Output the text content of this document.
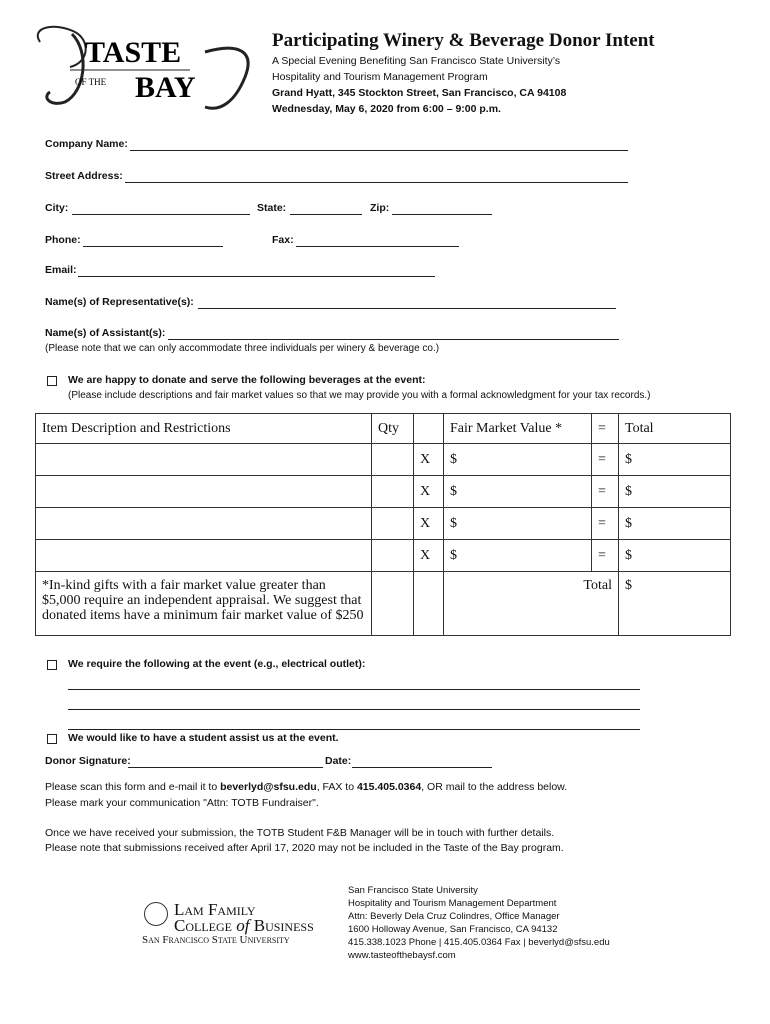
TASTE
OF THE BAY
Participating Winery & Beverage Donor Intent
A Special Evening Benefiting San Francisco State University’s
Hospitality and Tourism Management Program
Grand Hyatt, 345 Stockton Street, San Francisco, CA 94108
Wednesday, May 6, 2020 from 6:00 – 9:00 p.m.
Company Name:
Street Address:
City:	State:	Zip:
Phone:	Fax:
Email:
Name(s) of Representative(s):
Name(s) of Assistant(s):
(Please note that we can only accommodate three individuals per winery & beverage co.)
We are happy to donate and serve the following beverages at the event:
(Please include descriptions and fair market values so that we may provide you with a formal acknowledgment for your tax records.)
Item Description and Restrictions	Qty		Fair Market Value *	=	Total
		X	$	=	$
		X	$	=	$
		X	$	=	$
		X	$	=	$
*In-kind gifts with a fair market value greater than $5,000 require an independent appraisal. We suggest that donated items have a minimum fair market value of $250			Total		$
We require the following at the event (e.g., electrical outlet):
We would like to have a student assist us at the event.
Donor Signature:	Date:
Please scan this form and e-mail it to beverlyd@sfsu.edu, FAX to 415.405.0364, OR mail to the address below.
Please mark your communication "Attn: TOTB Fundraiser".
Once we have received your submission, the TOTB Student F&B Manager will be in touch with further details.
Please note that submissions received after April 17, 2020 may not be included in the Taste of the Bay program.
Lam Family
College of Business
San Francisco State University
San Francisco State University
Hospitality and Tourism Management Department
Attn: Beverly Dela Cruz Colindres, Office Manager
1600 Holloway Avenue, San Francisco, CA 94132
415.338.1023 Phone | 415.405.0364 Fax | beverlyd@sfsu.edu
www.tasteofthebaysf.com
